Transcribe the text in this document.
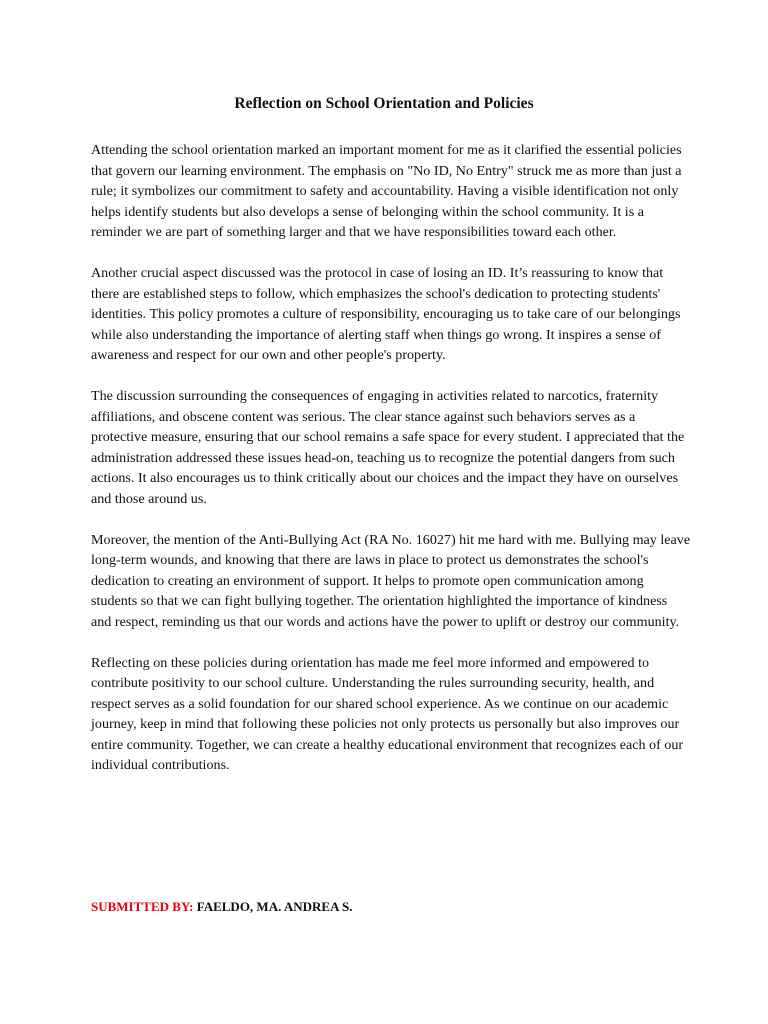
Reflection on School Orientation and Policies

Attending the school orientation marked an important moment for me as it clarified the essential policies that govern our learning environment. The emphasis on "No ID, No Entry" struck me as more than just a rule; it symbolizes our commitment to safety and accountability. Having a visible identification not only helps identify students but also develops a sense of belonging within the school community. It is a reminder we are part of something larger and that we have responsibilities toward each other.

Another crucial aspect discussed was the protocol in case of losing an ID. It’s reassuring to know that there are established steps to follow, which emphasizes the school's dedication to protecting students' identities. This policy promotes a culture of responsibility, encouraging us to take care of our belongings while also understanding the importance of alerting staff when things go wrong. It inspires a sense of awareness and respect for our own and other people's property.

The discussion surrounding the consequences of engaging in activities related to narcotics, fraternity affiliations, and obscene content was serious. The clear stance against such behaviors serves as a protective measure, ensuring that our school remains a safe space for every student. I appreciated that the administration addressed these issues head-on, teaching us to recognize the potential dangers from such actions. It also encourages us to think critically about our choices and the impact they have on ourselves and those around us.

Moreover, the mention of the Anti-Bullying Act (RA No. 16027) hit me hard with me. Bullying may leave long-term wounds, and knowing that there are laws in place to protect us demonstrates the school's dedication to creating an environment of support. It helps to promote open communication among students so that we can fight bullying together. The orientation highlighted the importance of kindness and respect, reminding us that our words and actions have the power to uplift or destroy our community.

Reflecting on these policies during orientation has made me feel more informed and empowered to contribute positivity to our school culture. Understanding the rules surrounding security, health, and respect serves as a solid foundation for our shared school experience. As we continue on our academic journey, keep in mind that following these policies not only protects us personally but also improves our entire community. Together, we can create a healthy educational environment that recognizes each of our individual contributions.

SUBMITTED BY: FAELDO, MA. ANDREA S.
